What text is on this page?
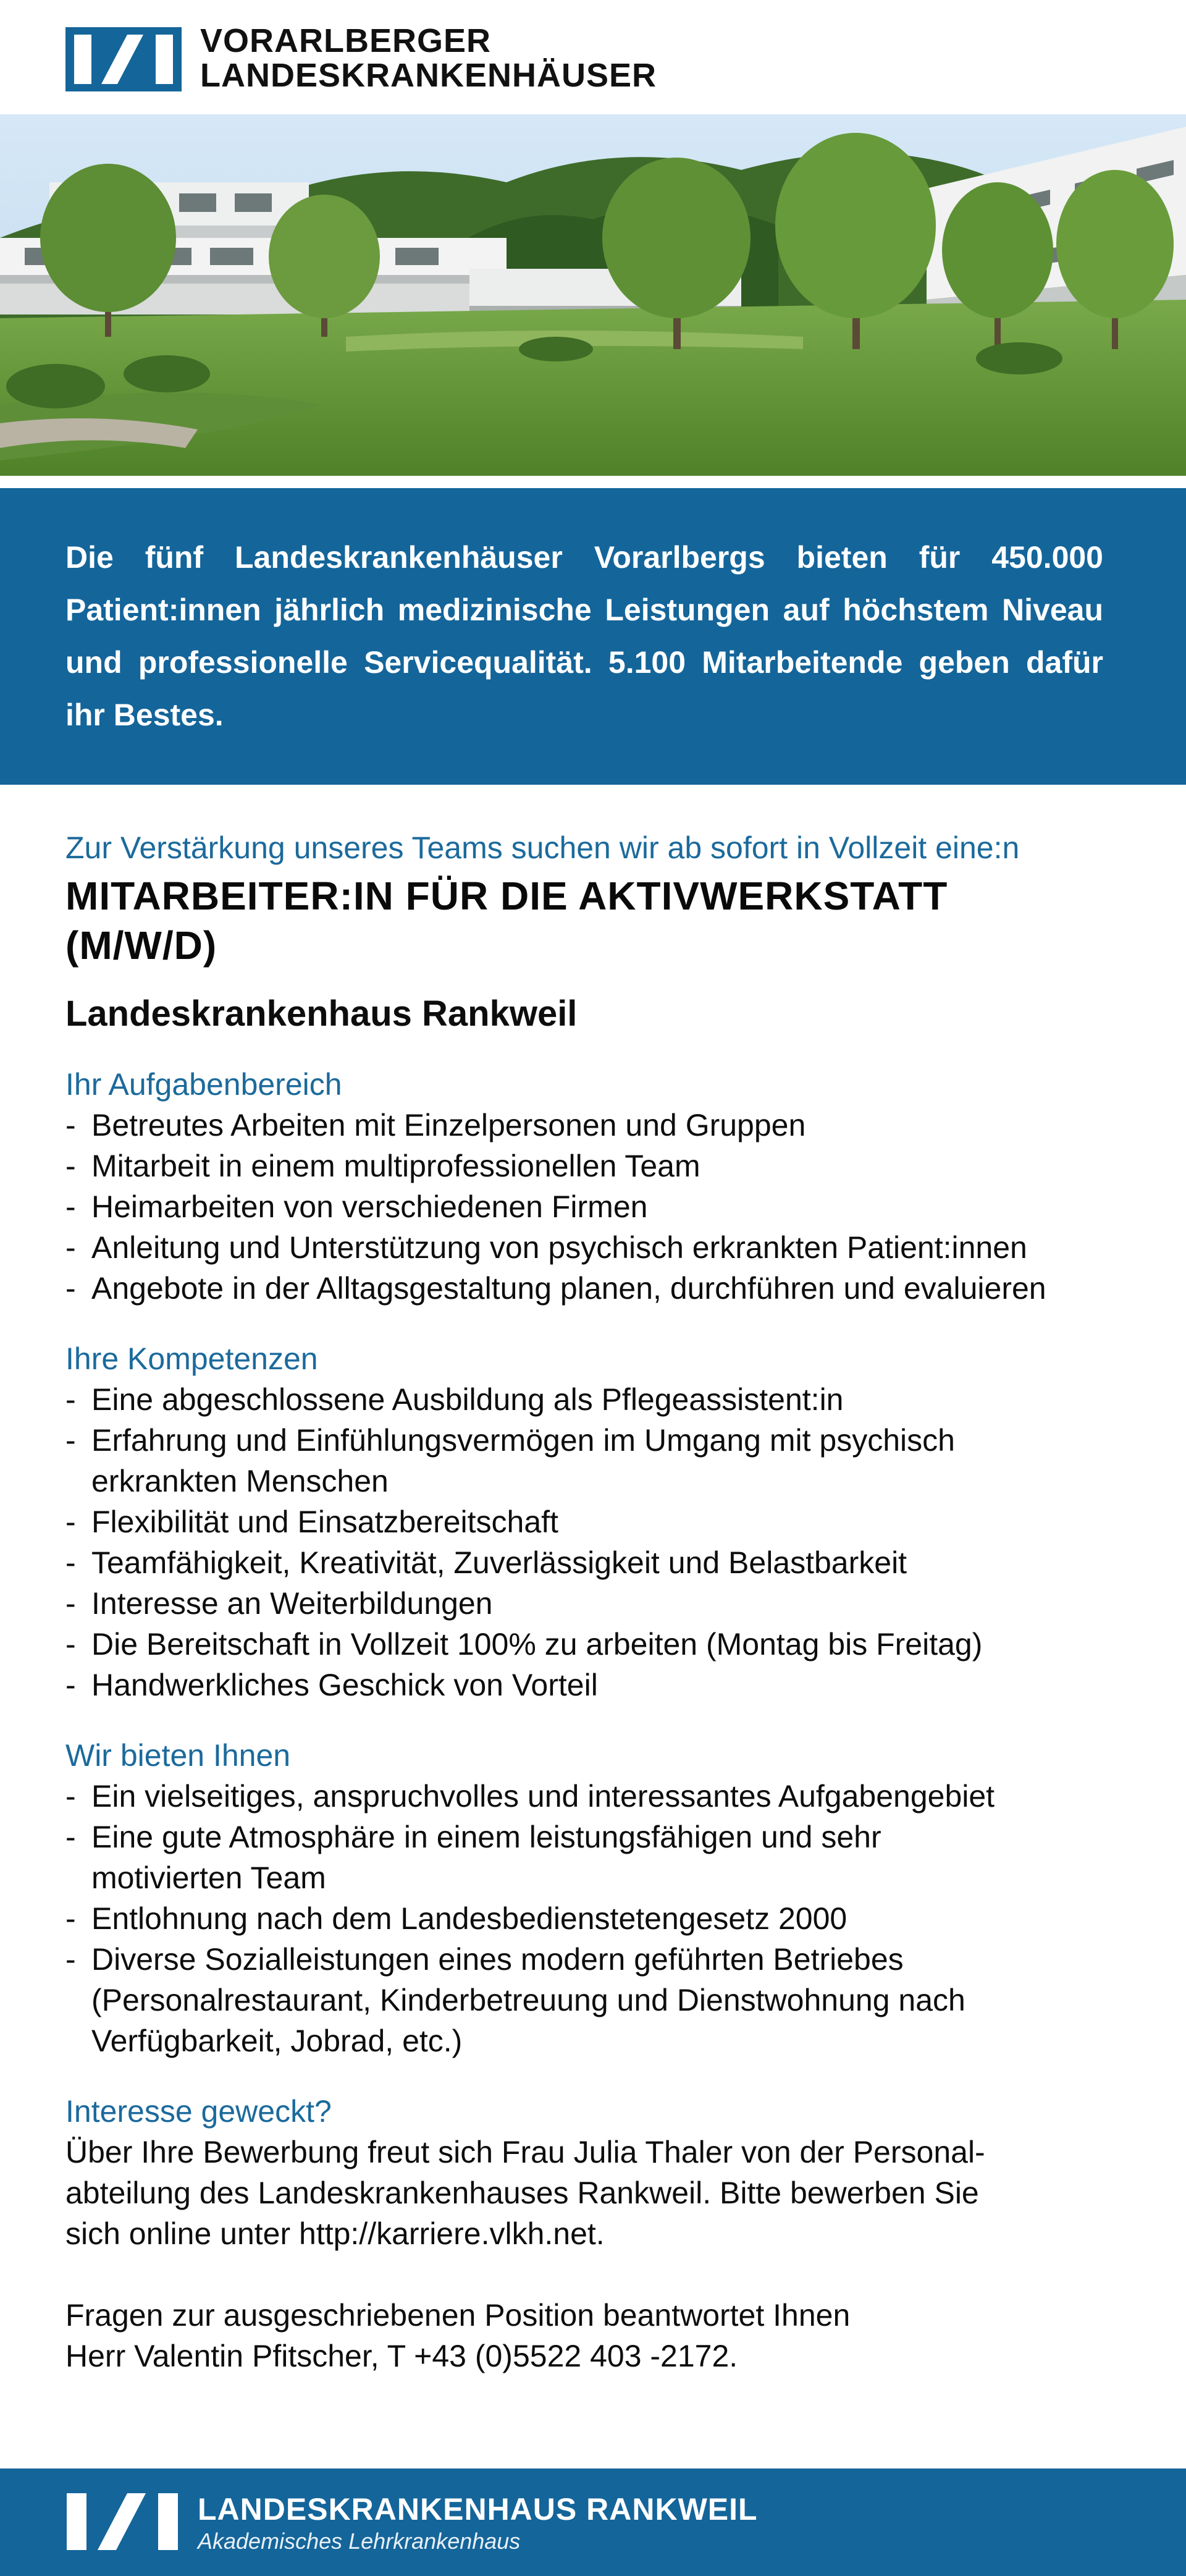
VORARLBERGER
LANDESKRANKENHÄUSER

Die fünf Landeskrankenhäuser Vorarlbergs bieten für 450.000 Patient:innen jährlich medizinische Leistungen auf höchstem Niveau und professionelle Servicequalität. 5.100 Mitarbeitende geben dafür ihr Bestes.

Zur Verstärkung unseres Teams suchen wir ab sofort in Vollzeit eine:n

MITARBEITER:IN FÜR DIE AKTIVWERKSTATT
(M/W/D)
Landeskrankenhaus Rankweil

Ihr Aufgabenbereich

- Betreutes Arbeiten mit Einzelpersonen und Gruppen
- Mitarbeit in einem multiprofessionellen Team
- Heimarbeiten von verschiedenen Firmen
- Anleitung und Unterstützung von psychisch erkrankten Patient:innen
- Angebote in der Alltagsgestaltung planen, durchführen und evaluieren

Ihre Kompetenzen

- Eine abgeschlossene Ausbildung als Pflegeassistent:in
- Erfahrung und Einfühlungsvermögen im Umgang mit psychisch erkrankten Menschen
- Flexibilität und Einsatzbereitschaft
- Teamfähigkeit, Kreativität, Zuverlässigkeit und Belastbarkeit
- Interesse an Weiterbildungen
- Die Bereitschaft in Vollzeit 100% zu arbeiten (Montag bis Freitag)
- Handwerkliches Geschick von Vorteil

Wir bieten Ihnen

- Ein vielseitiges, anspruchvolles und interessantes Aufgabengebiet
- Eine gute Atmosphäre in einem leistungsfähigen und sehr motivierten Team
- Entlohnung nach dem Landesbedienstetengesetz 2000
- Diverse Sozialleistungen eines modern geführten Betriebes (Personalrestaurant, Kinderbetreuung und Dienstwohnung nach Verfügbarkeit, Jobrad, etc.)

Interesse geweckt?

Über Ihre Bewerbung freut sich Frau Julia Thaler von der Personal-
abteilung des Landeskrankenhauses Rankweil. Bitte bewerben Sie
sich online unter http://karriere.vlkh.net.

Fragen zur ausgeschriebenen Position beantwortet Ihnen
Herr Valentin Pfitscher, T +43 (0)5522 403 -2172.

LANDESKRANKENHAUS RANKWEIL
Akademisches Lehrkrankenhaus
